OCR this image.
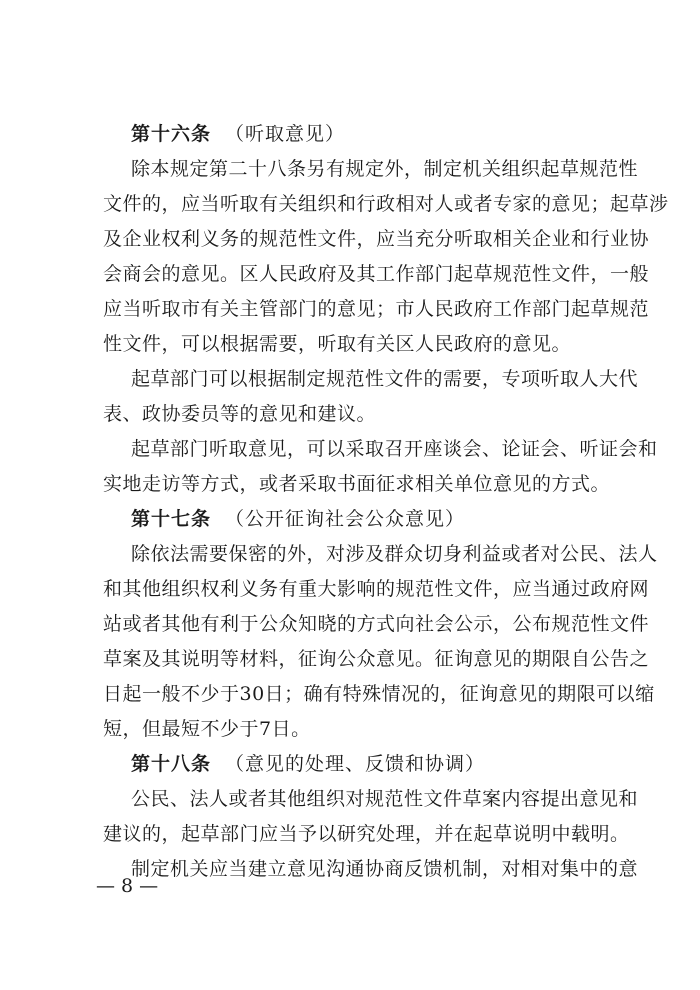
第十六条 （听取意见）
除本规定第二十八条另有规定外，制定机关组织起草规范性
文件的，应当听取有关组织和行政相对人或者专家的意见；起草涉
及企业权利义务的规范性文件，应当充分听取相关企业和行业协
会商会的意见。区人民政府及其工作部门起草规范性文件，一般
应当听取市有关主管部门的意见；市人民政府工作部门起草规范
性文件，可以根据需要，听取有关区人民政府的意见。
起草部门可以根据制定规范性文件的需要，专项听取人大代
表、政协委员等的意见和建议。
起草部门听取意见，可以采取召开座谈会、论证会、听证会和
实地走访等方式，或者采取书面征求相关单位意见的方式。
第十七条 （公开征询社会公众意见）
除依法需要保密的外，对涉及群众切身利益或者对公民、法人
和其他组织权利义务有重大影响的规范性文件，应当通过政府网
站或者其他有利于公众知晓的方式向社会公示，公布规范性文件
草案及其说明等材料，征询公众意见。征询意见的期限自公告之
日起一般不少于30日；确有特殊情况的，征询意见的期限可以缩
短，但最短不少于7日。
第十八条 （意见的处理、反馈和协调）
公民、法人或者其他组织对规范性文件草案内容提出意见和
建议的，起草部门应当予以研究处理，并在起草说明中载明。
制定机关应当建立意见沟通协商反馈机制，对相对集中的意
— 8 —
